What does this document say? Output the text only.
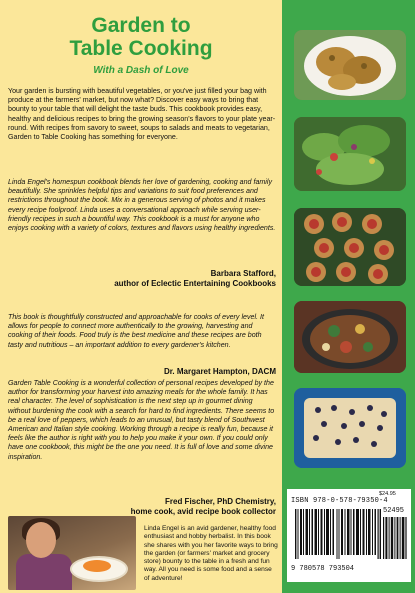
Garden to
Table Cooking
With a Dash of Love

Your garden is bursting with beautiful vegetables, or you've just filled your bag with produce at the farmers' market, but now what? Discover easy ways to bring that bounty to your table that will delight the taste buds. This cookbook provides easy, healthy and delicious recipes to bring the growing season's flavors to your plate year-round. With recipes from savory to sweet, soups to salads and meats to vegetarian, Garden to Table Cooking has something for everyone.

Linda Engel's homespun cookbook blends her love of gardening, cooking and family beautifully. She sprinkles helpful tips and variations to suit food preferences and restrictions throughout the book. Mix in a generous serving of photos and it makes every recipe foolproof. Linda uses a conversational approach while serving user-friendly recipes in such a bountiful way. This cookbook is a must for anyone who enjoys cooking with a variety of colors, textures and flavors using healthy ingredients.

Barbara Stafford,
author of Eclectic Entertaining Cookbooks

This book is thoughtfully constructed and approachable for cooks of every level. It allows for people to connect more authentically to the growing, harvesting and cooking of their foods. Food truly is the best medicine and these recipes are both tasty and nutritious – an important addition to every gardener's kitchen.

Dr. Margaret Hampton, DACM

Garden Table Cooking is a wonderful collection of personal recipes developed by the author for transforming your harvest into amazing meals for the whole family. It has real character. The level of sophistication is the next step up in gourmet dining without burdening the cook with a search for hard to find ingredients. There seems to be a real love of peppers, which leads to an unusual, but tasty blend of Southwest American and Italian style cooking. Working through a recipe is really fun, because it feels like the author is right with you to help you make it your own. If you could only have one cookbook, this might be the one you need. It is full of love and some divine inspiration.

Fred Fischer, PhD Chemistry,
home cook, avid recipe book collector
Linda Engel is an avid gardener, healthy food enthusiast and hobby herbalist. In this book she shares with you her favorite ways to bring the garden (or farmers' market and grocery store) bounty to the table in a fresh and fun way. All you need is some food and a sense of adventure!
$24.95
ISBN 978-0-578-79350-4
52495
9 780578 793504
